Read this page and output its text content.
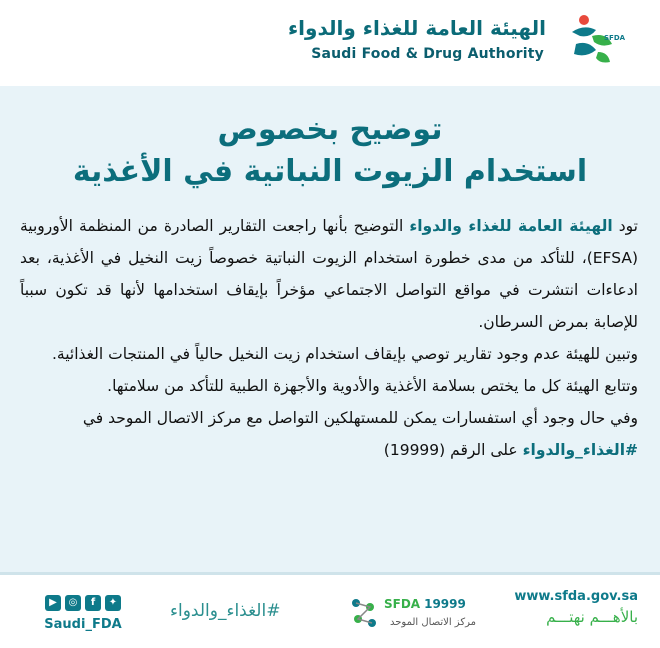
الهيئة العامة للغذاء والدواء
Saudi Food & Drug Authority
SFDA
توضيح بخصوص
استخدام الزيوت النباتية في الأغذية

تود الهيئة العامة للغذاء والدواء التوضيح بأنها راجعت التقارير الصادرة من المنظمة الأوروبية (EFSA)، للتأكد من مدى خطورة استخدام الزيوت النباتية خصوصاً زيت النخيل في الأغذية، بعد ادعاءات انتشرت في مواقع التواصل الاجتماعي مؤخراً بإيقاف استخدامها لأنها قد تكون سبباً للإصابة بمرض السرطان.

وتبين للهيئة عدم وجود تقارير توصي بإيقاف استخدام زيت النخيل حالياً في المنتجات الغذائية.

وتتابع الهيئة كل ما يختص بسلامة الأغذية والأدوية والأجهزة الطبية للتأكد من سلامتها.

وفي حال وجود أي استفسارات يمكن للمستهلكين التواصل مع مركز الاتصال الموحد في

#الغذاء_والدواء على الرقم (19999)

▶	◎	f	✦
Saudi_FDA
#الغذاء_والدواء	SFDA 19999
مركز الاتصال الموحد
www.sfda.gov.sa
بالأهـــم نهتـــم
